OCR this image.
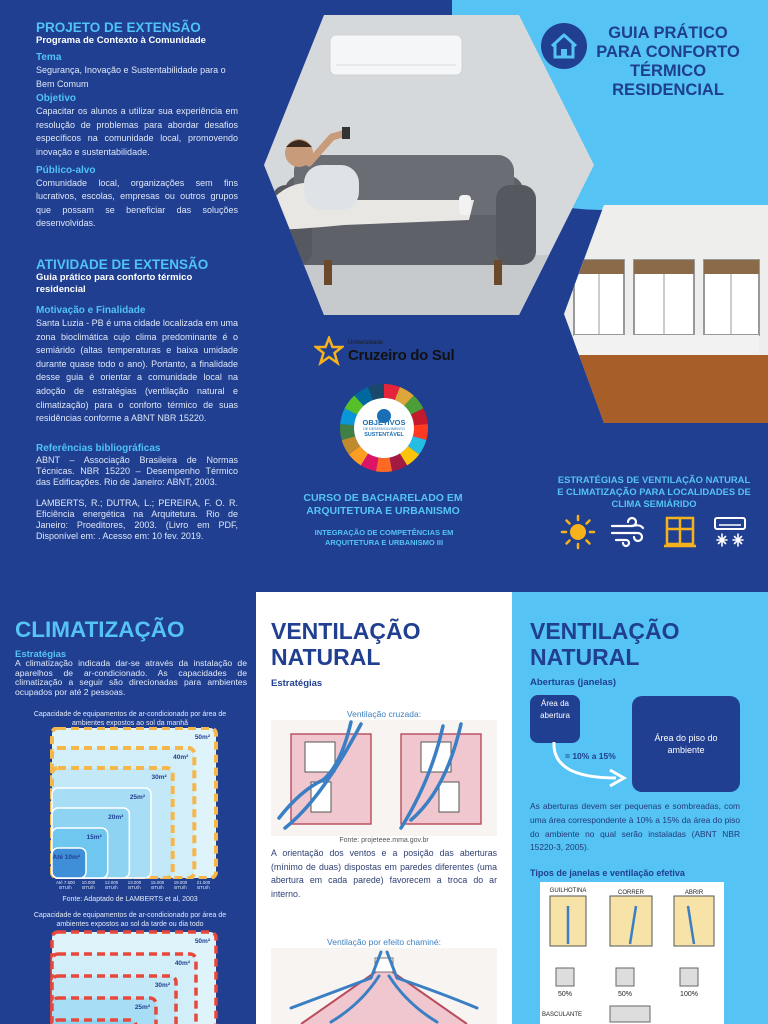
PROJETO DE EXTENSÃO
Programa de Contexto à Comunidade
Tema
Segurança, Inovação e Sustentabilidade para o Bem Comum
Objetivo
Capacitar os alunos a utilizar sua experiência em resolução de problemas para abordar desafios específicos na comunidade local, promovendo inovação e sustentabilidade.
Público-alvo
Comunidade local, organizações sem fins lucrativos, escolas, empresas ou outros grupos que possam se beneficiar das soluções desenvolvidas.
ATIVIDADE DE EXTENSÃO
Guia prático para conforto térmico residencial
Motivação e Finalidade
Santa Luzia - PB é uma cidade localizada em uma zona bioclimática cujo clima predominante é o semiárido (altas temperaturas e baixa umidade durante quase todo o ano). Portanto, a finalidade desse guia é orientar a comunidade local na adoção de estratégias (ventilação natural e climatização) para o conforto térmico de suas residências conforme a ABNT NBR 15220.
Referências bibliográficas
ABNT – Associação Brasileira de Normas Técnicas. NBR 15220 – Desempenho Térmico das Edificações. Rio de Janeiro: ABNT, 2003.
LAMBERTS, R.; DUTRA, L.; PEREIRA, F. O. R. Eficiência energética na Arquitetura. Rio de Janeiro: Proeditores, 2003. (Livro em PDF, Disponível em: . Acesso em: 10 fev. 2019.
GUIA PRÁTICO PARA CONFORTO TÉRMICO RESIDENCIAL
Universidade
Cruzeiro do Sul
OBJETIVOS
DE DESENVOLVIMENTO
SUSTENTÁVEL
CURSO DE BACHARELADO EM ARQUITETURA E URBANISMO
INTEGRAÇÃO DE COMPETÊNCIAS EM ARQUITETURA E URBANISMO III
ESTRATÉGIAS DE VENTILAÇÃO NATURAL E CLIMATIZAÇÃO PARA LOCALIDADES DE CLIMA SEMIÁRIDO
CLIMATIZAÇÃO
Estratégias
A climatização indicada dar-se através da instalação de aparelhos de ar-condicionado. As capacidades de climatização a seguir são direcionadas para ambientes ocupados por até 2 pessoas.
Capacidade de equipamentos de ar-condicionado por área de ambientes expostos ao sol da manhã
50m²
40m²
30m²
25m²
20m²
15m²
Até 10m²
Até 7.500 BTU/h
10.000 BTU/h
12.000 BTU/h
13.000 BTU/h
15.000 BTU/h
18.000 BTU/h
21.000 BTU/h
Fonte: Adaptado de LAMBERTS et al, 2003
Capacidade de equipamentos de ar-condicionado por área de ambientes expostos ao sol da tarde ou dia todo
50m²
40m²
30m²
25m²
VENTILAÇÃO NATURAL
Estratégias
Ventilação cruzada:
Fonte: projeteee.mma.gov.br
A orientação dos ventos e a posição das aberturas (mínimo de duas) dispostas em paredes diferentes (uma abertura em cada parede) favorecem a troca do ar interno.
Ventilação por efeito chaminé:
VENTILAÇÃO NATURAL
Aberturas (janelas)
Área da abertura
Área do piso do ambiente
= 10% a 15%
As aberturas devem ser pequenas e sombreadas, com uma área correspondente à 10% a 15% da área do piso do ambiente no qual serão instaladas (ABNT NBR 15220-3, 2005).
Tipos de janelas e ventilação efetiva
GUILHOTINA	CORRER	ABRIR
50%	50%	100%
BASCULANTE
